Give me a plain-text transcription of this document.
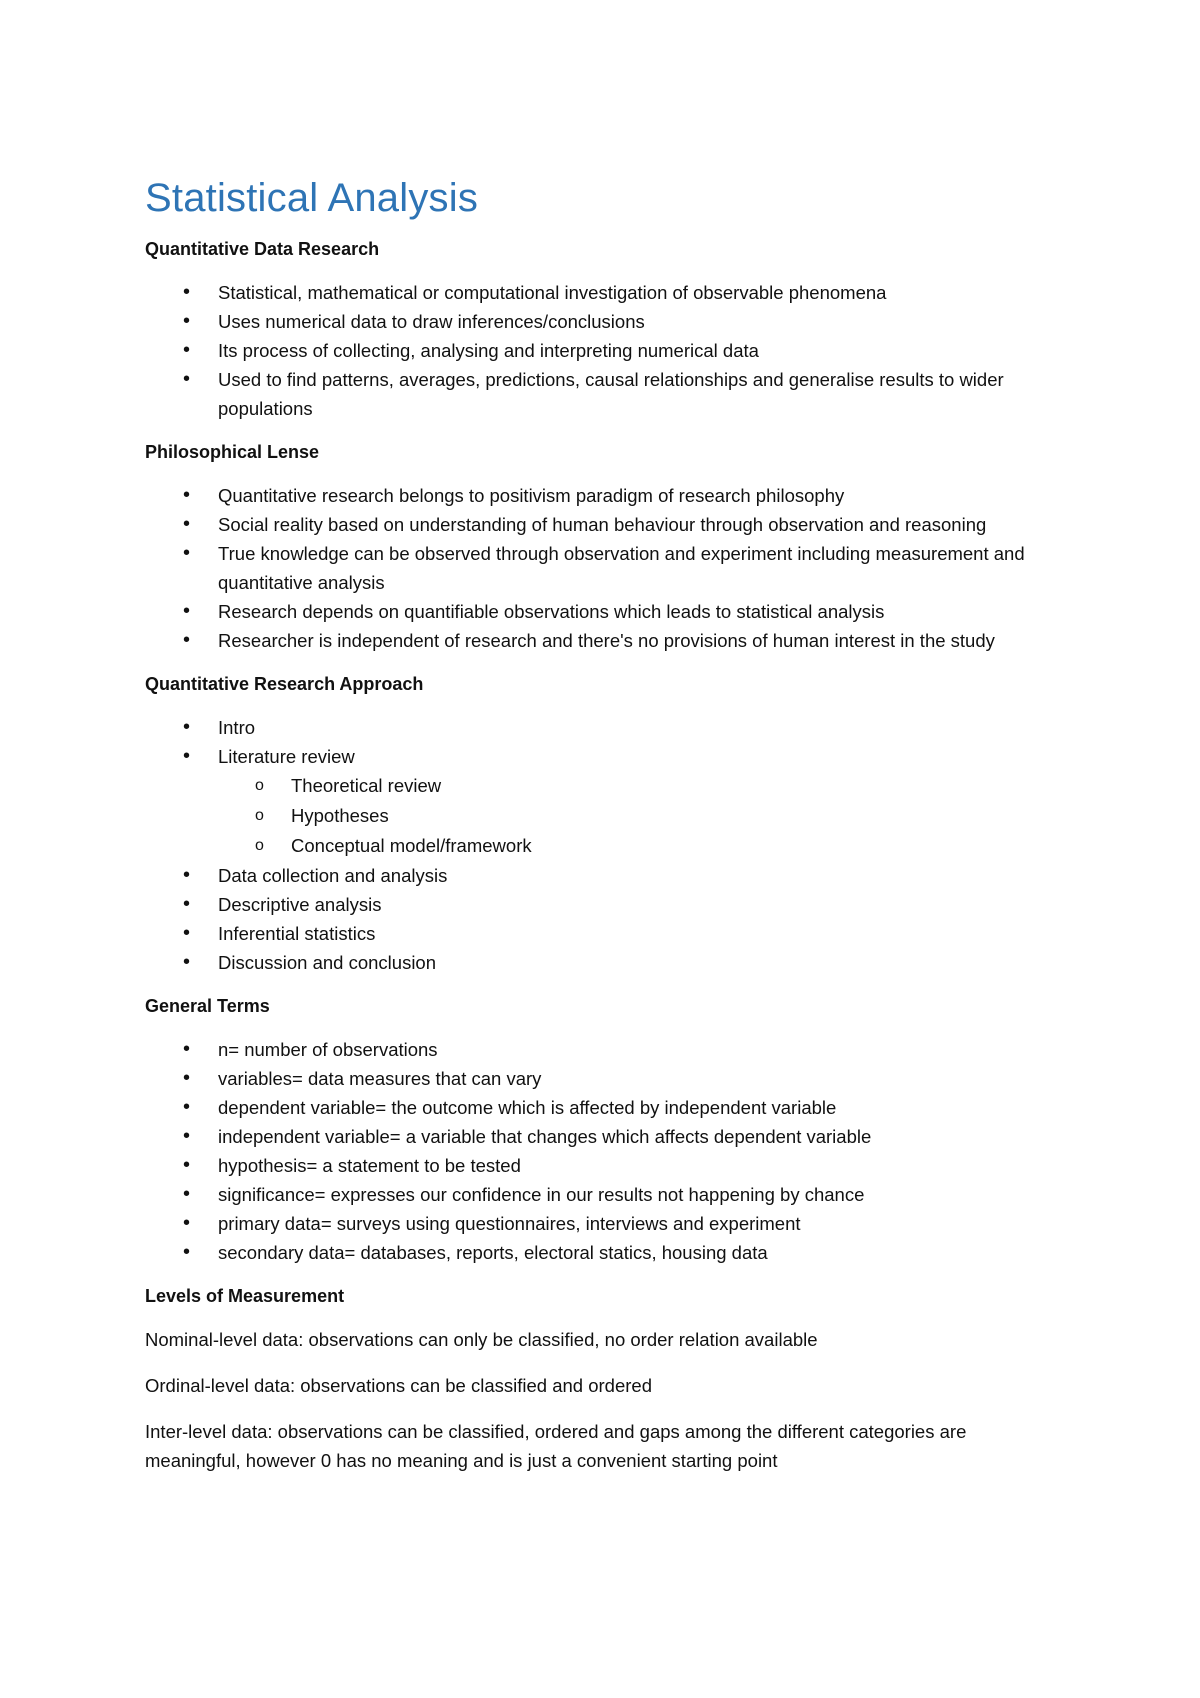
Statistical Analysis
Quantitative Data Research
• Statistical, mathematical or computational investigation of observable phenomena
• Uses numerical data to draw inferences/conclusions
• Its process of collecting, analysing and interpreting numerical data
• Used to find patterns, averages, predictions, causal relationships and generalise results to wider populations
Philosophical Lense
• Quantitative research belongs to positivism paradigm of research philosophy
• Social reality based on understanding of human behaviour through observation and reasoning
• True knowledge can be observed through observation and experiment including measurement and quantitative analysis
• Research depends on quantifiable observations which leads to statistical analysis
• Researcher is independent of research and there's no provisions of human interest in the study
Quantitative Research Approach
• Intro
• Literature review
o Theoretical review
o Hypotheses
o Conceptual model/framework
• Data collection and analysis
• Descriptive analysis
• Inferential statistics
• Discussion and conclusion
General Terms
• n= number of observations
• variables= data measures that can vary
• dependent variable= the outcome which is affected by independent variable
• independent variable= a variable that changes which affects dependent variable
• hypothesis= a statement to be tested
• significance= expresses our confidence in our results not happening by chance
• primary data= surveys using questionnaires, interviews and experiment
• secondary data= databases, reports, electoral statics, housing data
Levels of Measurement

Nominal-level data: observations can only be classified, no order relation available

Ordinal-level data: observations can be classified and ordered

Inter-level data: observations can be classified, ordered and gaps among the different categories are meaningful, however 0 has no meaning and is just a convenient starting point
